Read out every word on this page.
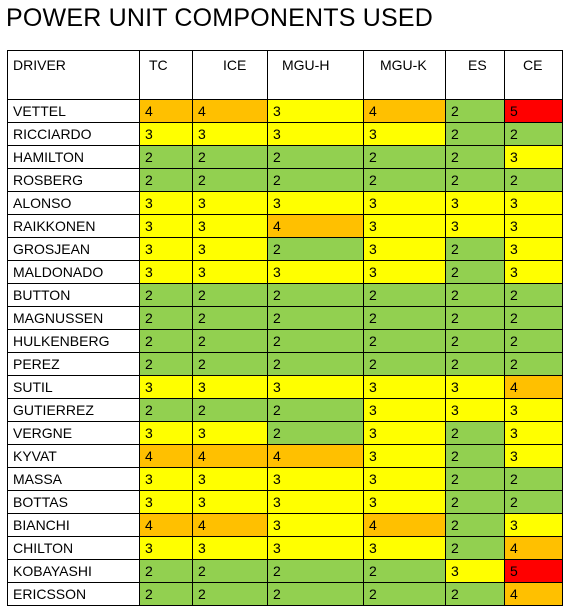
POWER UNIT COMPONENTS USED
DRIVER	TC	ICE	MGU-H	MGU-K	ES	CE
VETTEL	4	4	3	4	2	5
RICCIARDO	3	3	3	3	2	2
HAMILTON	2	2	2	2	2	3
ROSBERG	2	2	2	2	2	2
ALONSO	3	3	3	3	3	3
RAIKKONEN	3	3	4	3	3	3
GROSJEAN	3	3	2	3	2	3
MALDONADO	3	3	3	3	2	3
BUTTON	2	2	2	2	2	2
MAGNUSSEN	2	2	2	2	2	2
HULKENBERG	2	2	2	2	2	2
PEREZ	2	2	2	2	2	2
SUTIL	3	3	3	3	3	4
GUTIERREZ	2	2	2	3	3	3
VERGNE	3	3	2	3	2	3
KYVAT	4	4	4	3	2	3
MASSA	3	3	3	3	2	2
BOTTAS	3	3	3	3	2	2
BIANCHI	4	4	3	4	2	3
CHILTON	3	3	3	3	2	4
KOBAYASHI	2	2	2	2	3	5
ERICSSON	2	2	2	2	2	4
